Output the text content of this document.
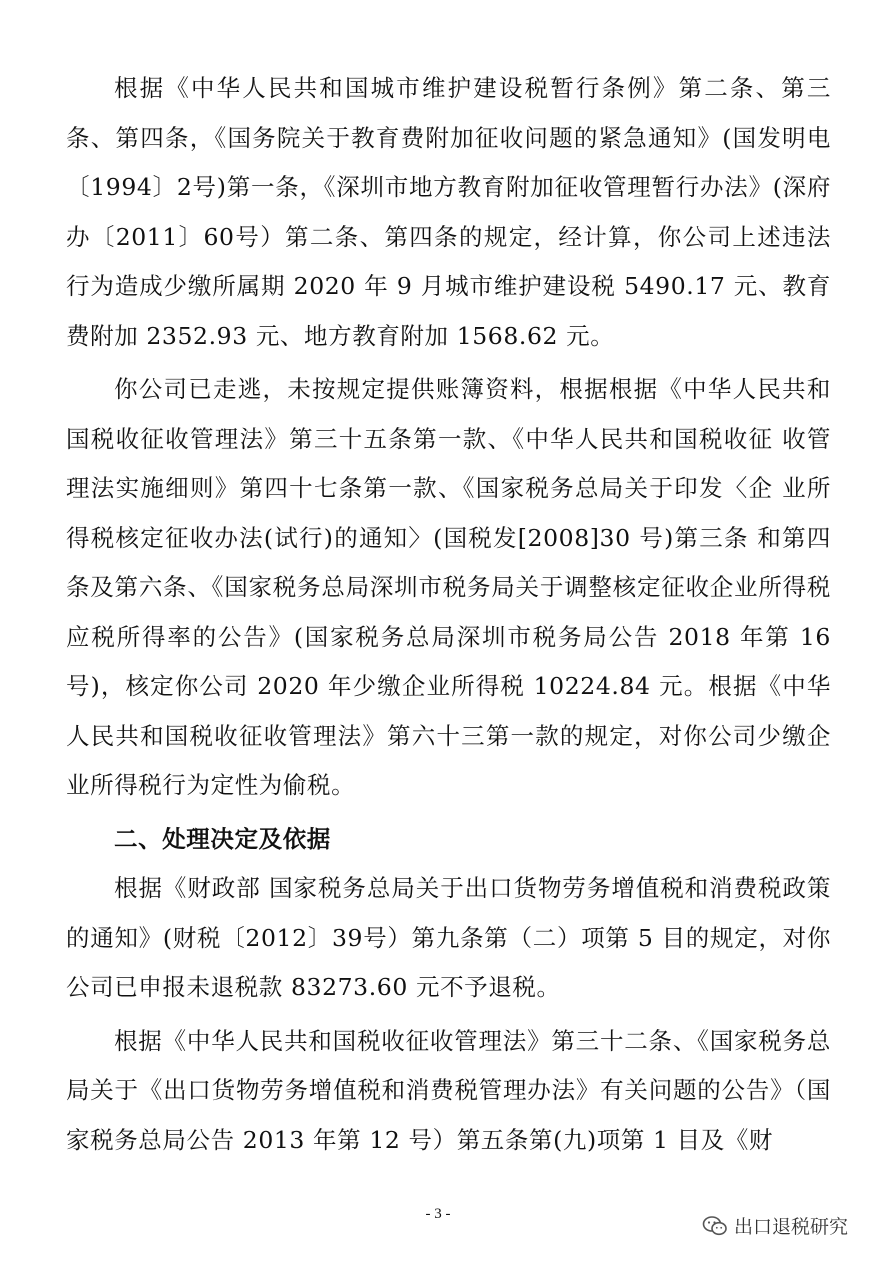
根据《中华人民共和国城市维护建设税暂行条例》第二条、第三条、第四条，《国务院关于教育费附加征收问题的紧急通知》(国发明电〔1994〕2号)第一条，《深圳市地方教育附加征收管理暂行办法》(深府办〔2011〕60号）第二条、第四条的规定，经计算，你公司上述违法行为造成少缴所属期 2020 年 9 月城市维护建设税 5490.17 元、教育费附加 2352.93 元、地方教育附加 1568.62 元。

你公司已走逃，未按规定提供账簿资料，根据根据《中华人民共和国税收征收管理法》第三十五条第一款、《中华人民共和国税收征 收管理法实施细则》第四十七条第一款、《国家税务总局关于印发〈企 业所得税核定征收办法(试行)的通知〉(国税发[2008]30 号)第三条 和第四条及第六条、《国家税务总局深圳市税务局关于调整核定征收企业所得税应税所得率的公告》(国家税务总局深圳市税务局公告 2018 年第 16 号)，核定你公司 2020 年少缴企业所得税 10224.84 元。根据《中华人民共和国税收征收管理法》第六十三第一款的规定，对你公司少缴企业所得税行为定性为偷税。

二、处理决定及依据

根据《财政部 国家税务总局关于出口货物劳务增值税和消费税政策的通知》(财税〔2012〕39号）第九条第（二）项第 5 目的规定，对你公司已申报未退税款 83273.60 元不予退税。

根据《中华人民共和国税收征收管理法》第三十二条、《国家税务总局关于《出口货物劳务增值税和消费税管理办法》有关问题的公告》（国家税务总局公告 2013 年第 12 号）第五条第(九)项第 1 目及《财

- 3 -
出口退税研究
